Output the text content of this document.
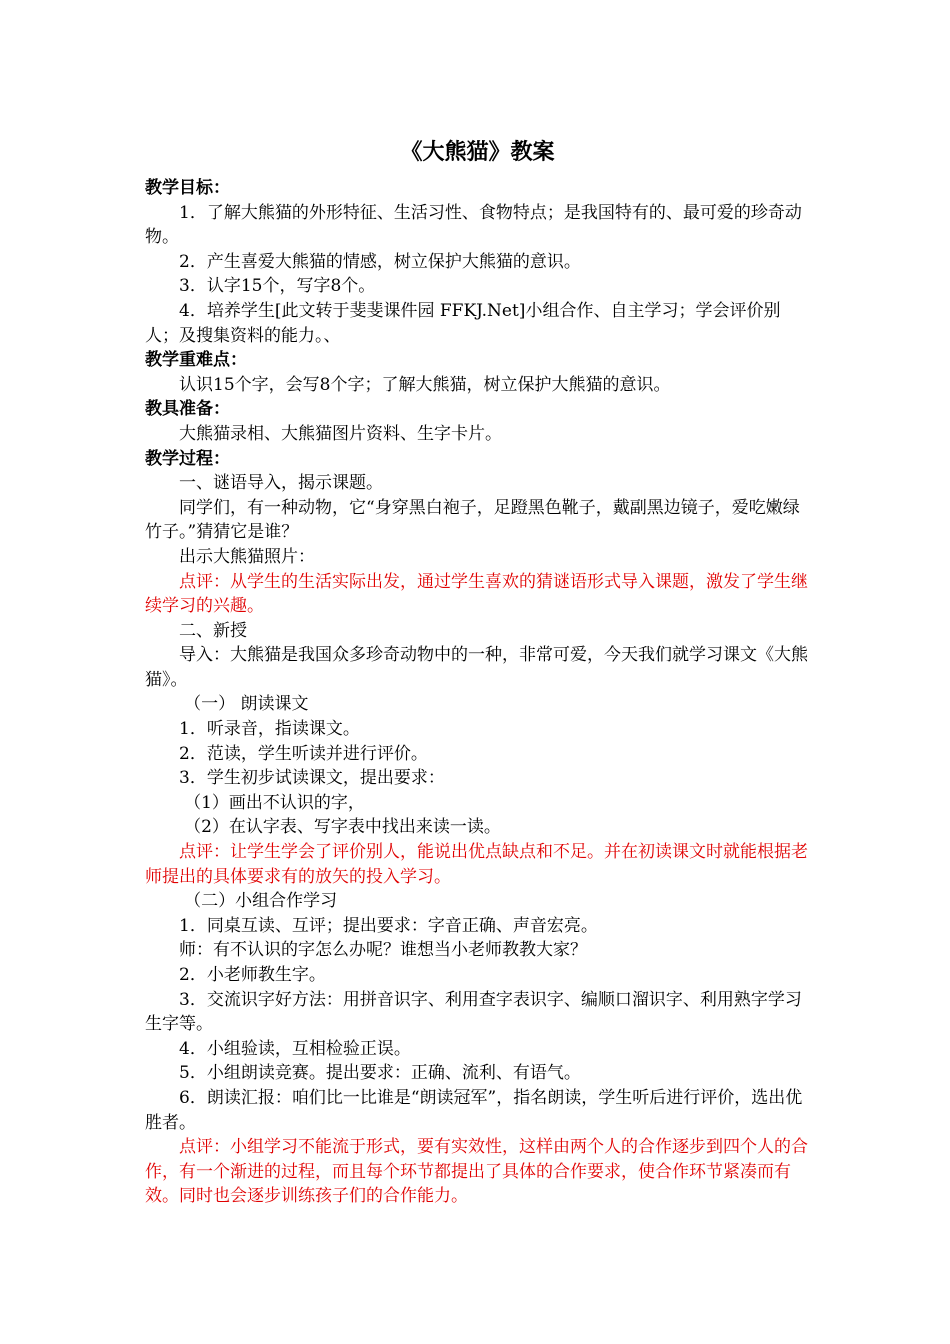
《大熊猫》教案

教学目标：

1．了解大熊猫的外形特征、生活习性、食物特点；是我国特有的、最可爱的珍奇动物。

2．产生喜爱大熊猫的情感，树立保护大熊猫的意识。

3．认字15个，写字8个。

4．培养学生[此文转于斐斐课件园 FFKJ.Net]小组合作、自主学习；学会评价别人；及搜集资料的能力。、

教学重难点：

认识15个字，会写8个字；了解大熊猫，树立保护大熊猫的意识。

教具准备：

大熊猫录相、大熊猫图片资料、生字卡片。

教学过程：

一、谜语导入，揭示课题。

同学们，有一种动物，它“身穿黑白袍子，足蹬黑色靴子，戴副黑边镜子，爱吃嫩绿竹子。”猜猜它是谁？

出示大熊猫照片：

点评：从学生的生活实际出发，通过学生喜欢的猜谜语形式导入课题，激发了学生继续学习的兴趣。

二、新授

导入：大熊猫是我国众多珍奇动物中的一种，非常可爱，今天我们就学习课文《大熊猫》。

（一） 朗读课文

1．听录音，指读课文。

2．范读，学生听读并进行评价。

3．学生初步试读课文，提出要求：

（1）画出不认识的字，

（2）在认字表、写字表中找出来读一读。

点评：让学生学会了评价别人，能说出优点缺点和不足。并在初读课文时就能根据老师提出的具体要求有的放矢的投入学习。

（二）小组合作学习

1．同桌互读、互评；提出要求：字音正确、声音宏亮。

师：有不认识的字怎么办呢？谁想当小老师教教大家？

2．小老师教生字。

3．交流识字好方法：用拼音识字、利用查字表识字、编顺口溜识字、利用熟字学习生字等。

4．小组验读，互相检验正误。

5．小组朗读竞赛。提出要求：正确、流利、有语气。

6．朗读汇报：咱们比一比谁是“朗读冠军”，指名朗读，学生听后进行评价，选出优胜者。

点评：小组学习不能流于形式，要有实效性，这样由两个人的合作逐步到四个人的合作，有一个渐进的过程，而且每个环节都提出了具体的合作要求，使合作环节紧凑而有效。同时也会逐步训练孩子们的合作能力。
